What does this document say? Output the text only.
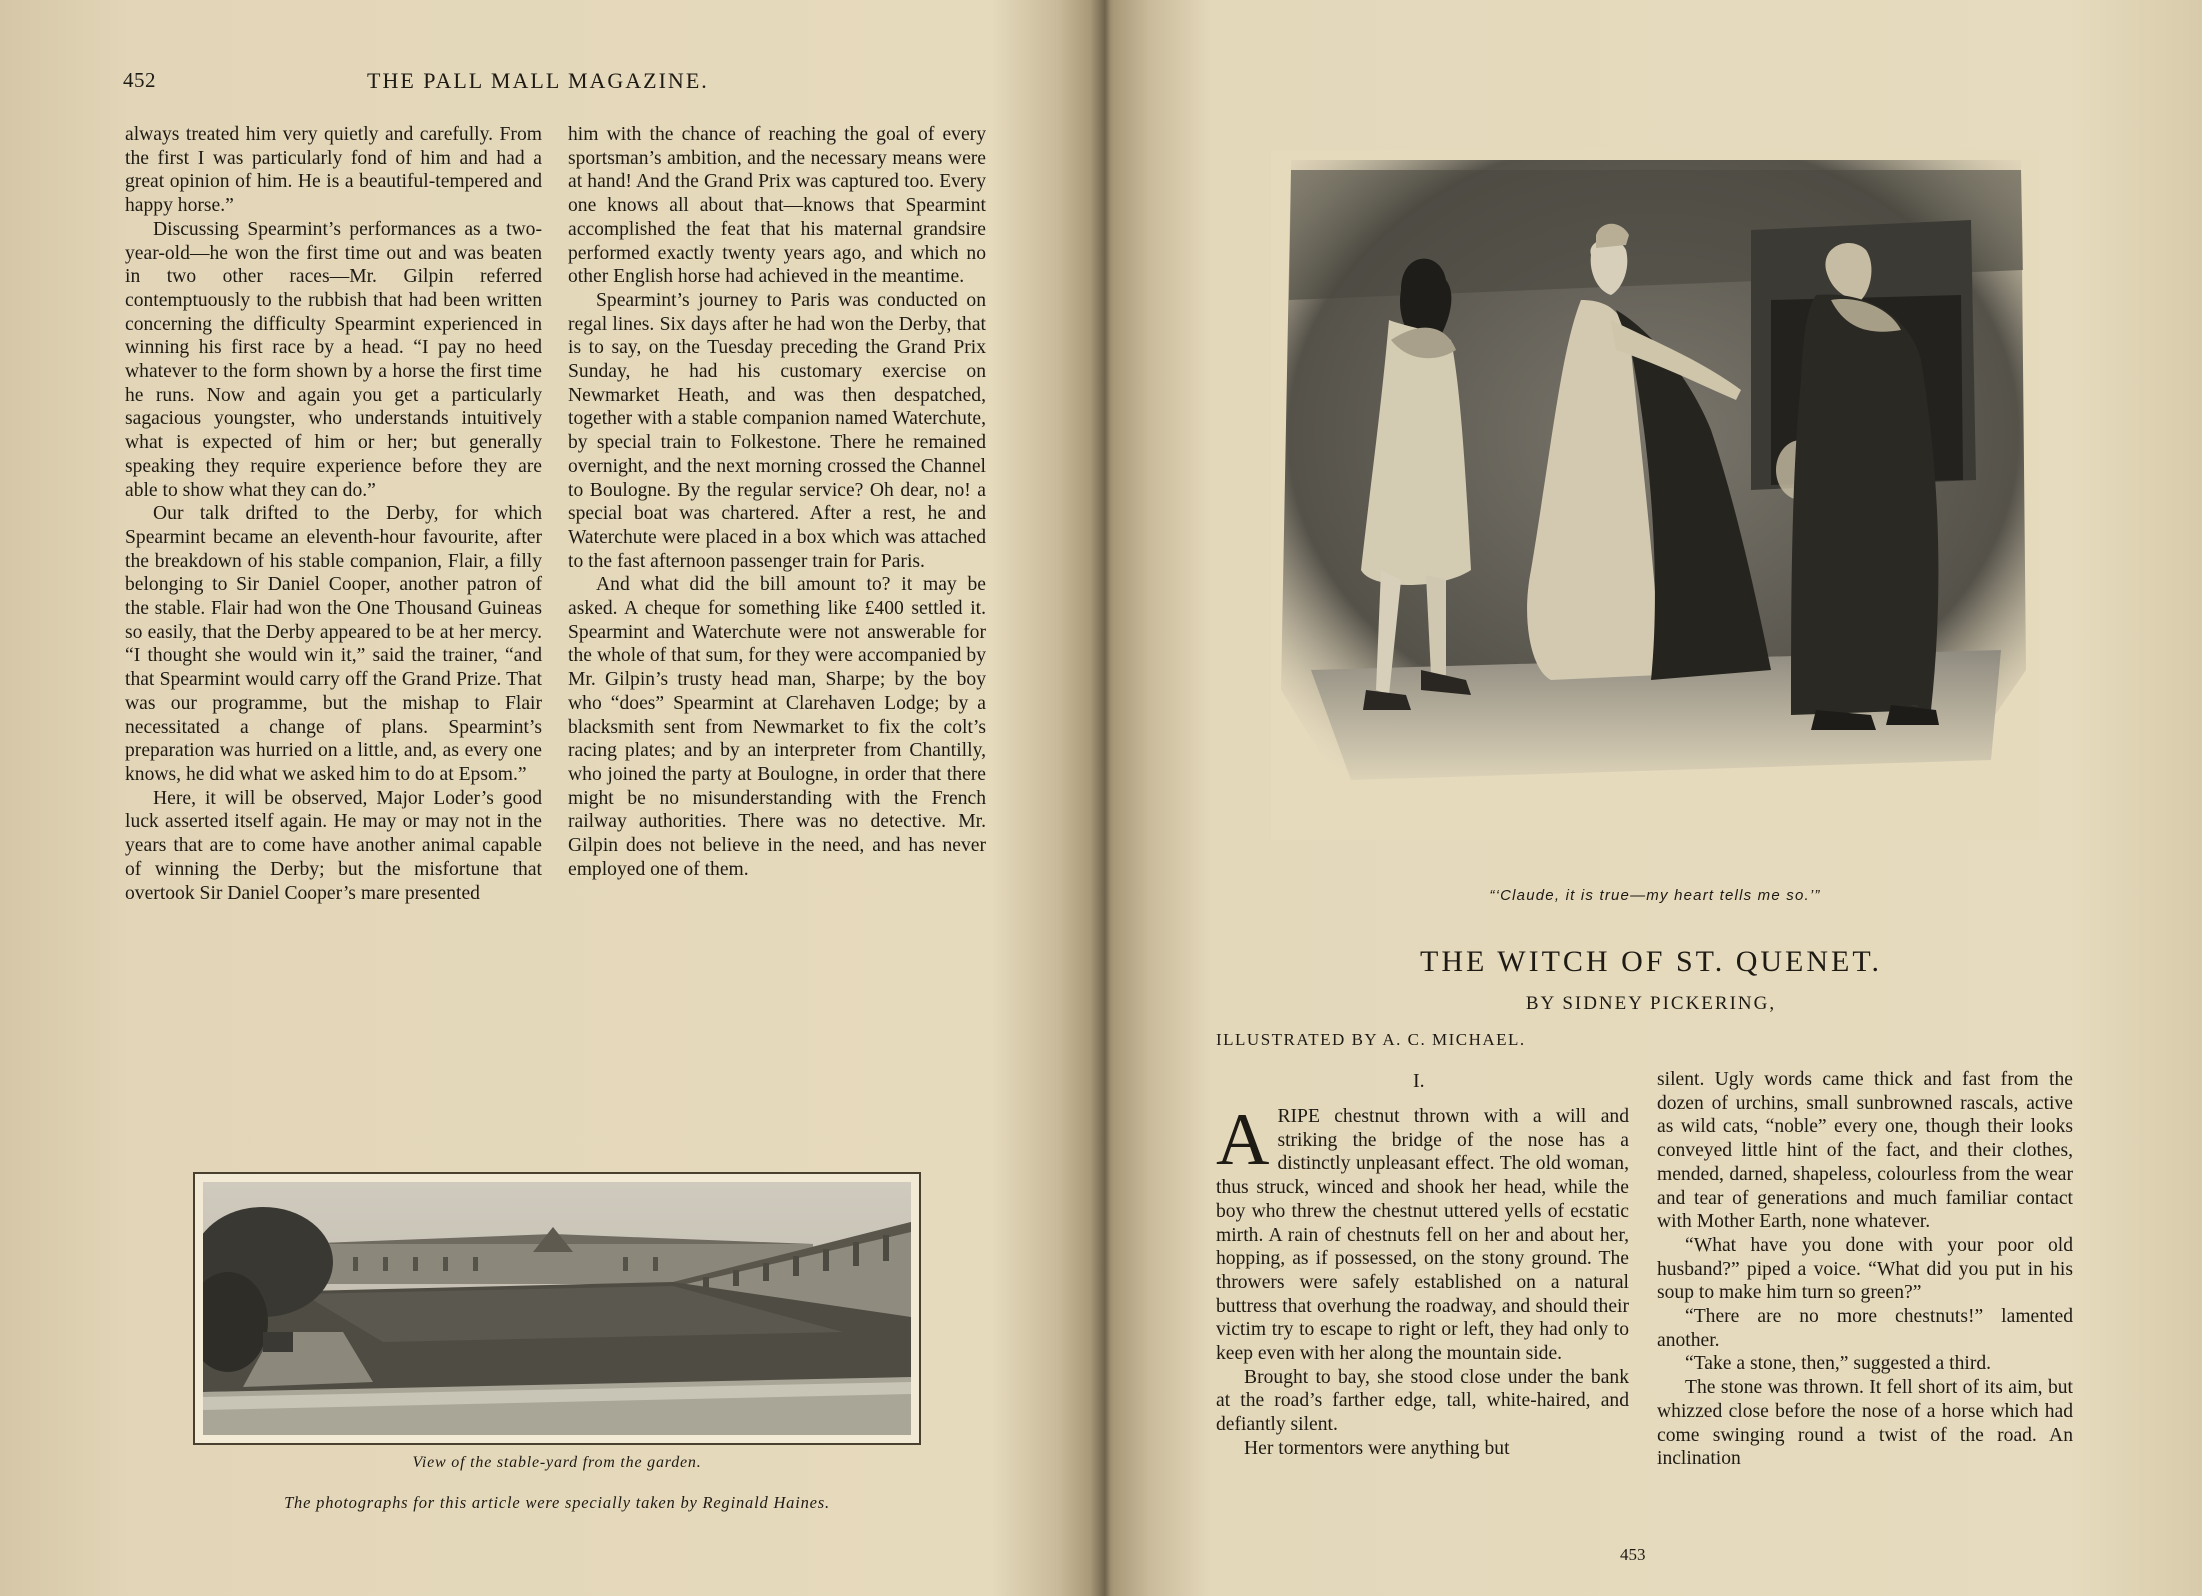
452	THE PALL MALL MAGAZINE.

always treated him very quietly and carefully. From the first I was particularly fond of him and had a great opinion of him. He is a beautiful-tempered and happy horse.”

Discussing Spearmint’s performances as a two-year-old—he won the first time out and was beaten in two other races—Mr. Gilpin referred contemptuously to the rubbish that had been written concerning the difficulty Spearmint experienced in winning his first race by a head. “I pay no heed whatever to the form shown by a horse the first time he runs. Now and again you get a particularly sagacious youngster, who understands intuitively what is expected of him or her; but generally speaking they require experience before they are able to show what they can do.”

Our talk drifted to the Derby, for which Spearmint became an eleventh-hour favourite, after the breakdown of his stable companion, Flair, a filly belonging to Sir Daniel Cooper, another patron of the stable. Flair had won the One Thousand Guineas so easily, that the Derby appeared to be at her mercy. “I thought she would win it,” said the trainer, “and that Spearmint would carry off the Grand Prize. That was our programme, but the mishap to Flair necessitated a change of plans. Spearmint’s preparation was hurried on a little, and, as every one knows, he did what we asked him to do at Epsom.”

Here, it will be observed, Major Loder’s good luck asserted itself again. He may or may not in the years that are to come have another animal capable of winning the Derby; but the misfortune that overtook Sir Daniel Cooper’s mare presented

him with the chance of reaching the goal of every sportsman’s ambition, and the necessary means were at hand! And the Grand Prix was captured too. Every one knows all about that—knows that Spearmint accomplished the feat that his maternal grandsire performed exactly twenty years ago, and which no other English horse had achieved in the meantime.

Spearmint’s journey to Paris was conducted on regal lines. Six days after he had won the Derby, that is to say, on the Tuesday preceding the Grand Prix Sunday, he had his customary exercise on Newmarket Heath, and was then despatched, together with a stable companion named Waterchute, by special train to Folkestone. There he remained overnight, and the next morning crossed the Channel to Boulogne. By the regular service? Oh dear, no! a special boat was chartered. After a rest, he and Waterchute were placed in a box which was attached to the fast afternoon passenger train for Paris.

And what did the bill amount to? it may be asked. A cheque for something like £400 settled it. Spearmint and Waterchute were not answerable for the whole of that sum, for they were accompanied by Mr. Gilpin’s trusty head man, Sharpe; by the boy who “does” Spearmint at Clarehaven Lodge; by a blacksmith sent from Newmarket to fix the colt’s racing plates; and by an interpreter from Chantilly, who joined the party at Boulogne, in order that there might be no misunderstanding with the French railway authorities. There was no detective. Mr. Gilpin does not believe in the need, and has never employed one of them.

View of the stable-yard from the garden.
The photographs for this article were specially taken by Reginald Haines.
~
“‘Claude, it is true—my heart tells me so.’”
THE WITCH OF ST. QUENET.
BY SIDNEY PICKERING,
ILLUSTRATED BY A. C. MICHAEL.
I.

ARIPE chestnut thrown with a will and striking the bridge of the nose has a distinctly unpleasant effect. The old woman, thus struck, winced and shook her head, while the boy who threw the chestnut uttered yells of ecstatic mirth. A rain of chestnuts fell on her and about her, hopping, as if possessed, on the stony ground. The throwers were safely established on a natural buttress that overhung the roadway, and should their victim try to escape to right or left, they had only to keep even with her along the mountain side.

Brought to bay, she stood close under the bank at the road’s farther edge, tall, white-haired, and defiantly silent.

Her tormentors were anything but

silent. Ugly words came thick and fast from the dozen of urchins, small sunbrowned rascals, active as wild cats, “noble” every one, though their looks conveyed little hint of the fact, and their clothes, mended, darned, shapeless, colourless from the wear and tear of generations and much familiar contact with Mother Earth, none whatever.

“What have you done with your poor old husband?” piped a voice. “What did you put in his soup to make him turn so green?”

“There are no more chestnuts!” lamented another.

“Take a stone, then,” suggested a third.

The stone was thrown. It fell short of its aim, but whizzed close before the nose of a horse which had come swinging round a twist of the road. An inclination

453
